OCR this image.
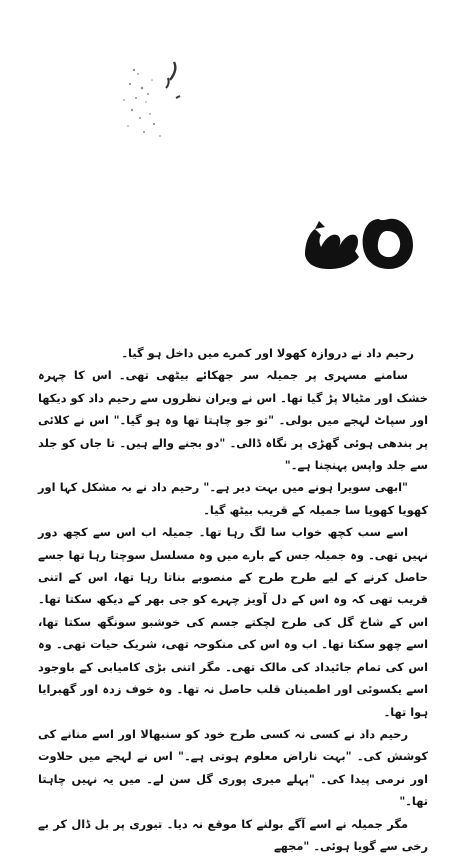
رحیم داد نے دروازہ کھولا اور کمرے میں داخل ہو گیا۔

سامنے مسہری پر جمیلہ سر جھکائے بیٹھی تھی۔ اس کا چہرہ خشک اور مٹیالا پڑ گیا تھا۔ اس نے ویران نظروں سے رحیم داد کو دیکھا اور سپاٹ لہجے میں بولی۔ "تو جو چاہتا تھا وہ ہو گیا۔" اس نے کلائی پر بندھی ہوئی گھڑی پر نگاہ ڈالی۔ "دو بجنے والے ہیں۔ تا جاں کو جلد سے جلد واپس پہنچنا ہے۔"

"ابھی سویرا ہونے میں بہت دیر ہے۔" رحیم داد نے بہ مشکل کہا اور کھویا کھویا سا جمیلہ کے قریب بیٹھ گیا۔

اسے سب کچھ خواب سا لگ رہا تھا۔ جمیلہ اب اس سے کچھ دور نہیں تھی۔ وہ جمیلہ جس کے بارے میں وہ مسلسل سوچتا رہا تھا جسے حاصل کرنے کے لیے طرح طرح کے منصوبے بناتا رہا تھا، اس کے اتنی قریب تھی کہ وہ اس کے دل آویز چہرے کو جی بھر کے دیکھ سکتا تھا۔ اس کے شاخ گل کی طرح لچکتے جسم کی خوشبو سونگھ سکتا تھا، اسے چھو سکتا تھا۔ اب وہ اس کی منکوحہ تھی، شریک حیات تھی۔ وہ اس کی تمام جائیداد کی مالک تھی۔ مگر اتنی بڑی کامیابی کے باوجود اسے یکسوئی اور اطمینان قلب حاصل نہ تھا۔ وہ خوف زدہ اور گھبرایا ہوا تھا۔

رحیم داد نے کسی نہ کسی طرح خود کو سنبھالا اور اسے منانے کی کوشش کی۔ "بہت ناراض معلوم ہوتی ہے۔" اس نے لہجے میں حلاوت اور نرمی پیدا کی۔ "پہلے میری پوری گل سن لے۔ میں یہ نہیں چاہتا تھا۔"

مگر جمیلہ نے اسے آگے بولنے کا موقع نہ دیا۔ تیوری پر بل ڈال کر بے رخی سے گویا ہوئی۔ "مجھے
